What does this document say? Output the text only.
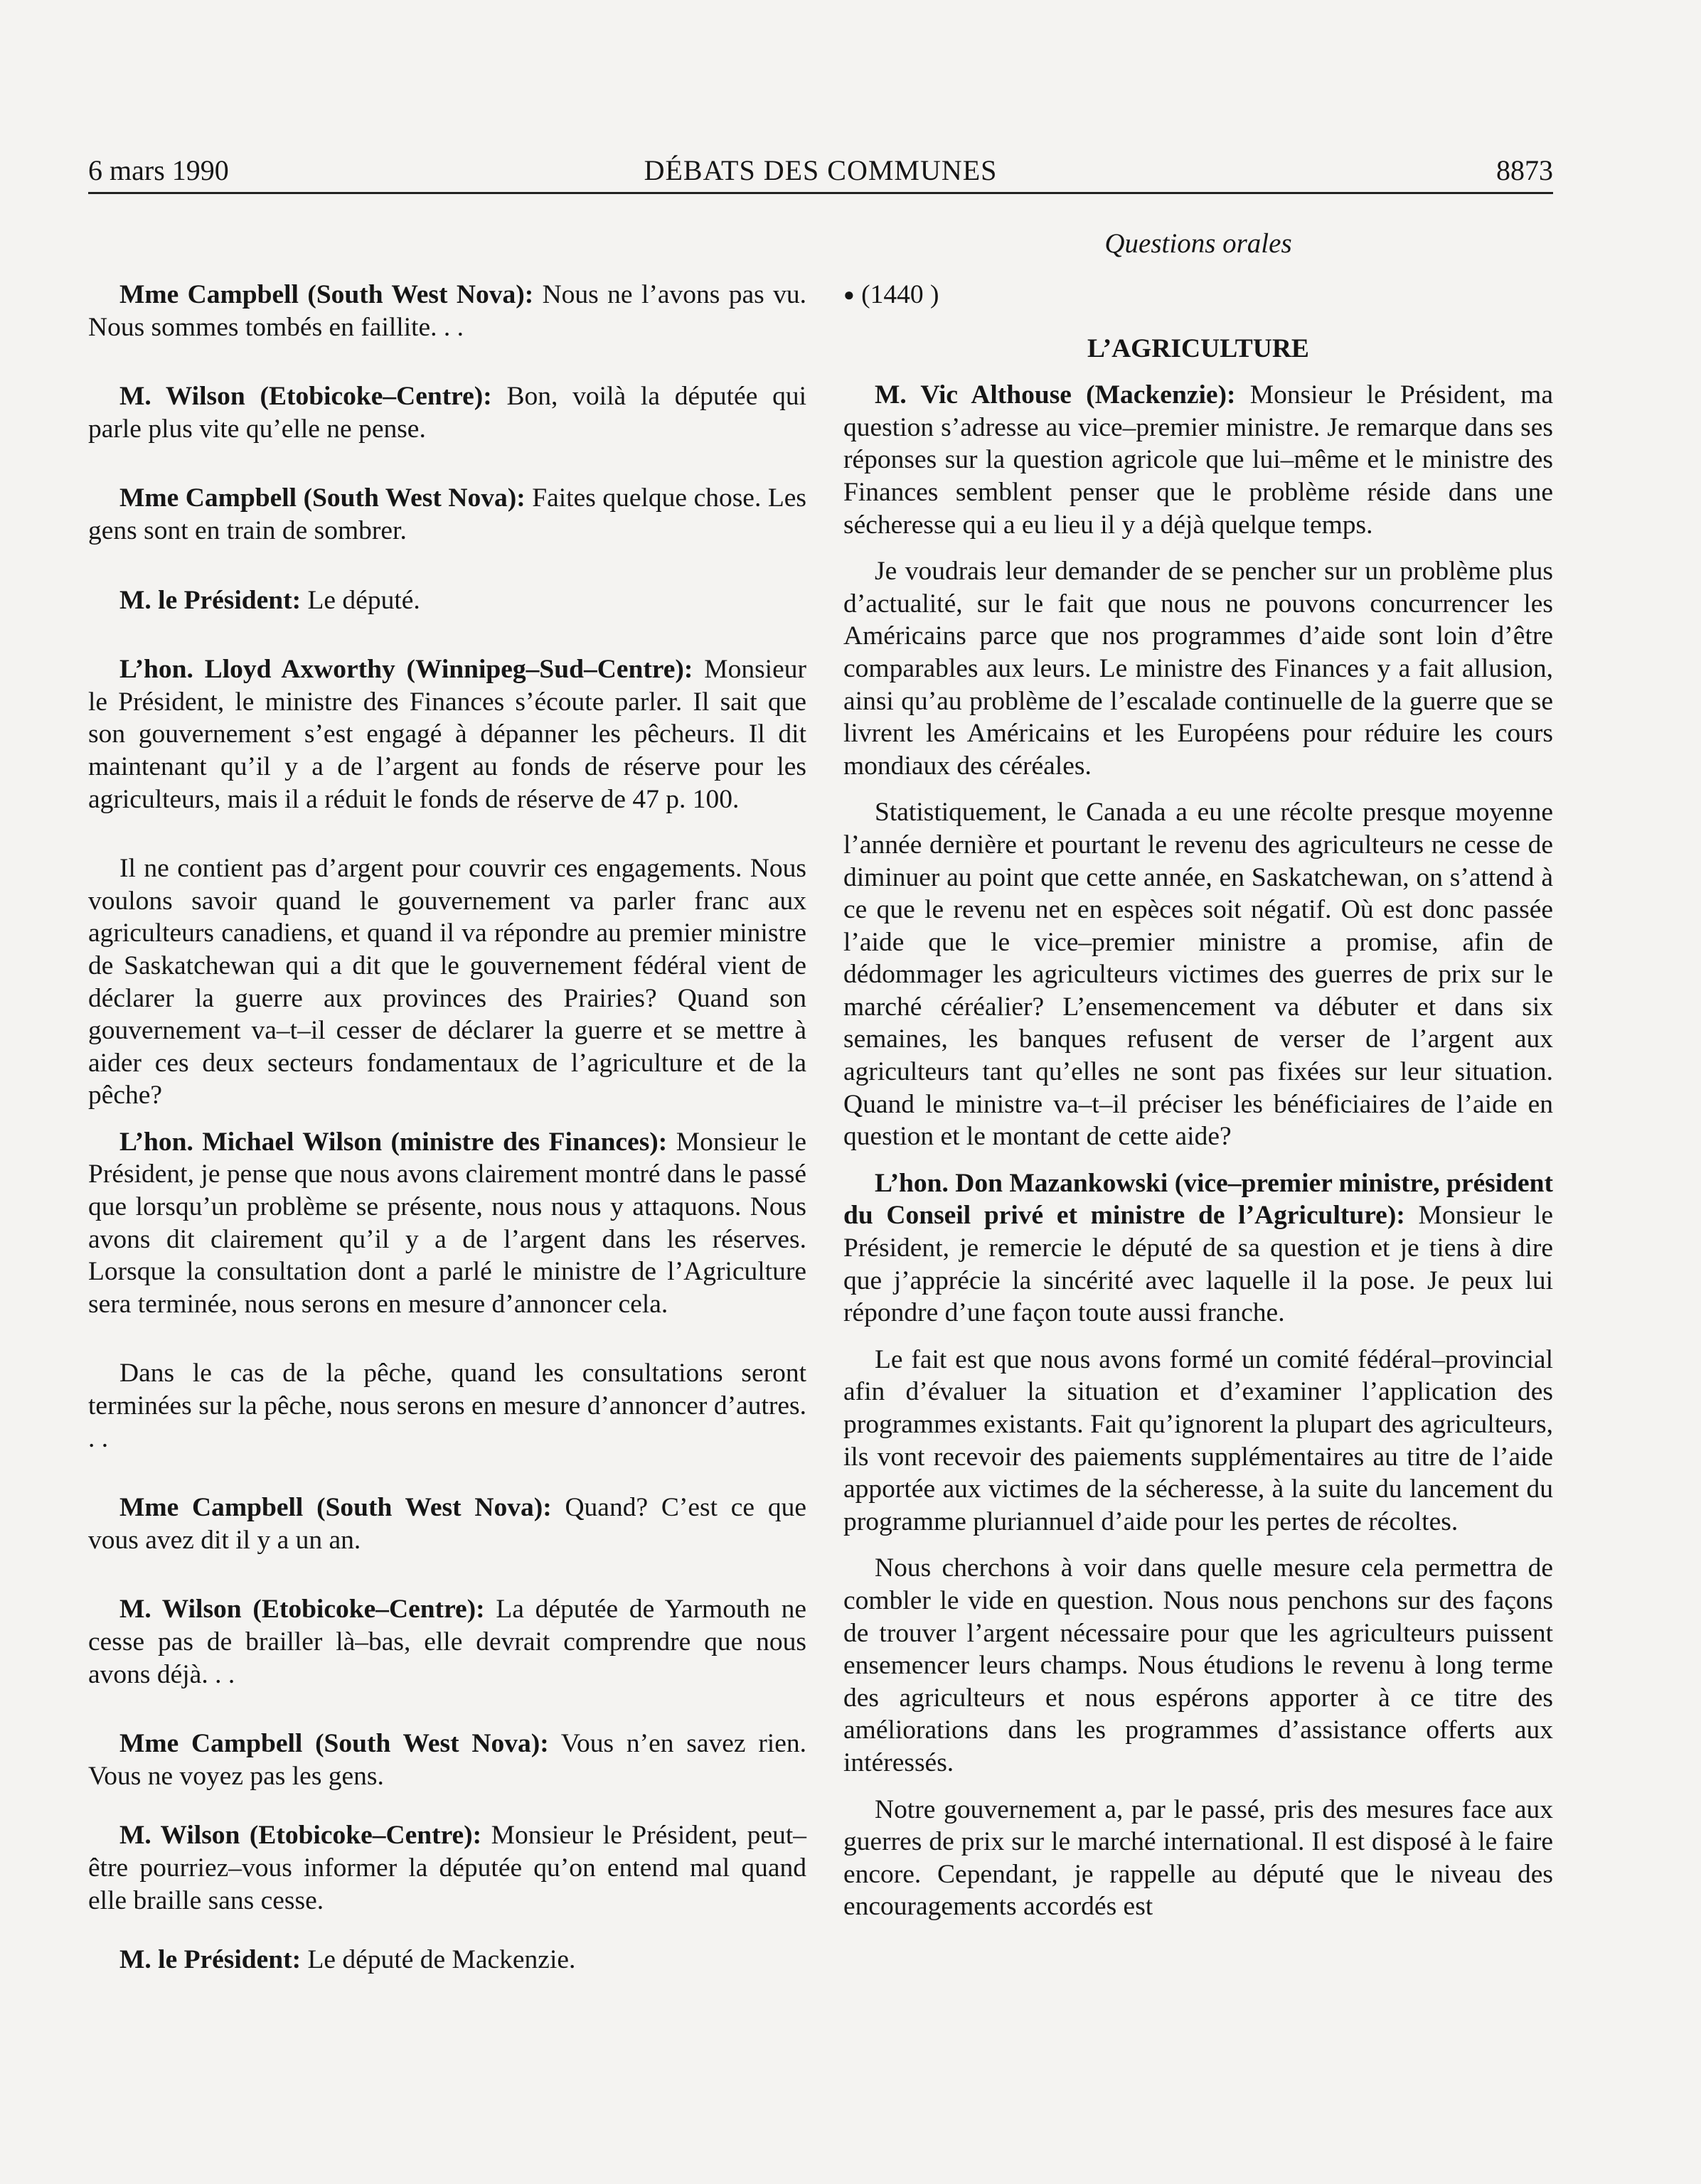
6 mars 1990	DÉBATS DES COMMUNES	8873
Questions orales

Mme Campbell (South West Nova): Nous ne l’avons pas vu. Nous sommes tombés en faillite. . .

M. Wilson (Etobicoke–Centre): Bon, voilà la députée qui parle plus vite qu’elle ne pense.

Mme Campbell (South West Nova): Faites quelque chose. Les gens sont en train de sombrer.

M. le Président: Le député.

L’hon. Lloyd Axworthy (Winnipeg–Sud–Centre): Monsieur le Président, le ministre des Finances s’écoute parler. Il sait que son gouvernement s’est engagé à dépanner les pêcheurs. Il dit maintenant qu’il y a de l’argent au fonds de réserve pour les agriculteurs, mais il a réduit le fonds de réserve de 47 p. 100.

Il ne contient pas d’argent pour couvrir ces engagements. Nous voulons savoir quand le gouvernement va parler franc aux agriculteurs canadiens, et quand il va répondre au premier ministre de Saskatchewan qui a dit que le gouvernement fédéral vient de déclarer la guerre aux provinces des Prairies? Quand son gouvernement va–t–il cesser de déclarer la guerre et se mettre à aider ces deux secteurs fondamentaux de l’agriculture et de la pêche?

L’hon. Michael Wilson (ministre des Finances): Monsieur le Président, je pense que nous avons clairement montré dans le passé que lorsqu’un problème se présente, nous nous y attaquons. Nous avons dit clairement qu’il y a de l’argent dans les réserves. Lorsque la consultation dont a parlé le ministre de l’Agriculture sera terminée, nous serons en mesure d’annoncer cela.

Dans le cas de la pêche, quand les consultations seront terminées sur la pêche, nous serons en mesure d’annoncer d’autres. . .

Mme Campbell (South West Nova): Quand? C’est ce que vous avez dit il y a un an.

M. Wilson (Etobicoke–Centre): La députée de Yarmouth ne cesse pas de brailler là–bas, elle devrait comprendre que nous avons déjà. . .

Mme Campbell (South West Nova): Vous n’en savez rien. Vous ne voyez pas les gens.

M. Wilson (Etobicoke–Centre): Monsieur le Président, peut–être pourriez–vous informer la députée qu’on entend mal quand elle braille sans cesse.

M. le Président: Le député de Mackenzie.

● (1440 )

L’AGRICULTURE

M. Vic Althouse (Mackenzie): Monsieur le Président, ma question s’adresse au vice–premier ministre. Je remarque dans ses réponses sur la question agricole que lui–même et le ministre des Finances semblent penser que le problème réside dans une sécheresse qui a eu lieu il y a déjà quelque temps.

Je voudrais leur demander de se pencher sur un problème plus d’actualité, sur le fait que nous ne pouvons concurrencer les Américains parce que nos programmes d’aide sont loin d’être comparables aux leurs. Le ministre des Finances y a fait allusion, ainsi qu’au problème de l’escalade continuelle de la guerre que se livrent les Américains et les Européens pour réduire les cours mondiaux des céréales.

Statistiquement, le Canada a eu une récolte presque moyenne l’année dernière et pourtant le revenu des agriculteurs ne cesse de diminuer au point que cette année, en Saskatchewan, on s’attend à ce que le revenu net en espèces soit négatif. Où est donc passée l’aide que le vice–premier ministre a promise, afin de dédommager les agriculteurs victimes des guerres de prix sur le marché céréalier? L’ensemencement va débuter et dans six semaines, les banques refusent de verser de l’argent aux agriculteurs tant qu’elles ne sont pas fixées sur leur situation. Quand le ministre va–t–il préciser les bénéficiaires de l’aide en question et le montant de cette aide?

L’hon. Don Mazankowski (vice–premier ministre, président du Conseil privé et ministre de l’Agriculture): Monsieur le Président, je remercie le député de sa question et je tiens à dire que j’apprécie la sincérité avec laquelle il la pose. Je peux lui répondre d’une façon toute aussi franche.

Le fait est que nous avons formé un comité fédéral–provincial afin d’évaluer la situation et d’examiner l’application des programmes existants. Fait qu’ignorent la plupart des agriculteurs, ils vont recevoir des paiements supplémentaires au titre de l’aide apportée aux victimes de la sécheresse, à la suite du lancement du programme pluriannuel d’aide pour les pertes de récoltes.

Nous cherchons à voir dans quelle mesure cela permettra de combler le vide en question. Nous nous penchons sur des façons de trouver l’argent nécessaire pour que les agriculteurs puissent ensemencer leurs champs. Nous étudions le revenu à long terme des agriculteurs et nous espérons apporter à ce titre des améliorations dans les programmes d’assistance offerts aux intéressés.

Notre gouvernement a, par le passé, pris des mesures face aux guerres de prix sur le marché international. Il est disposé à le faire encore. Cependant, je rappelle au député que le niveau des encouragements accordés est
